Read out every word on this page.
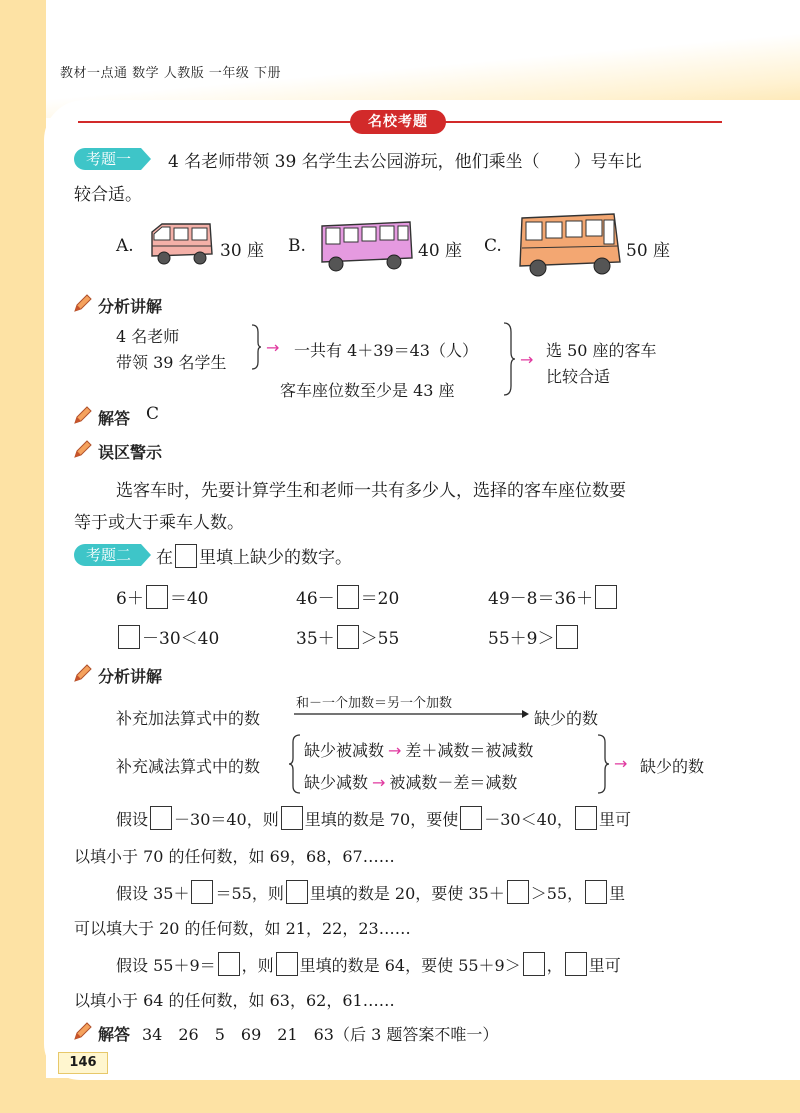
教材一点通 数学 人教版 一年级 下册
名校考题
考题一	4 名老师带领 39 名学生去公园游玩，他们乘坐（　　）号车比
较合适。
A.	30 座 B.	40 座 C.	50 座
分析讲解
4 名老师
带领 39 名学生
→ 一共有 4＋39＝43（人）
客车座位数至少是 43 座
→ 选 50 座的客车
比较合适
解答 C
误区警示
选客车时，先要计算学生和老师一共有多少人，选择的客车座位数要
等于或大于乘车人数。
考题二	在 里填上缺少的数字。
6＋ ＝40	46－ ＝20	49－8＝36＋
－30＜40	35＋ ＞55	55＋9＞
分析讲解
补充加法算式中的数
和－一个加数＝另一个加数
缺少的数
补充减法算式中的数
缺少被减数 → 差＋减数＝被减数
缺少减数 → 被减数－差＝减数
→ 缺少的数
假设 －30＝40，则 里填的数是 70，要使 －30＜40， 里可
以填小于 70 的任何数，如 69，68，67……
假设 35＋ ＝55，则 里填的数是 20，要使 35＋ ＞55， 里
可以填大于 20 的任何数，如 21，22，23……
假设 55＋9＝ ，则 里填的数是 64，要使 55＋9＞ ， 里可
以填小于 64 的任何数，如 63，62，61……
解答 34　26　5　69　21　63（后 3 题答案不唯一）
146
